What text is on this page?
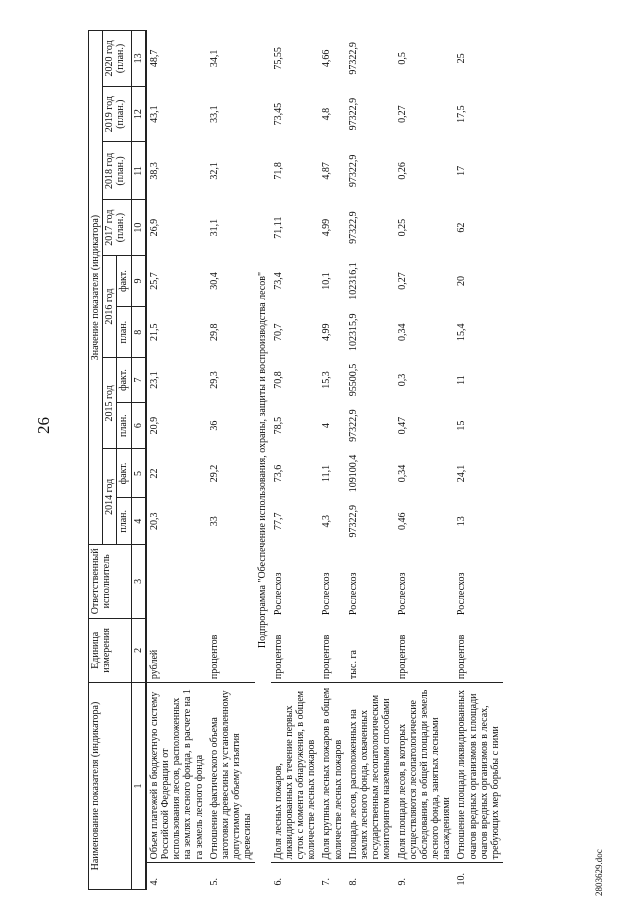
26
2803629.doc
Наименование показателя (индикатора)		Единица измерения	Ответственный исполнитель	Значение показателя (индикатора)									
				2014 год		2015 год		2016 год		2017 год (план.)	2018 год (план.)	2019 год (план.)	2020 год (план.)
				план.	факт.	план.	факт.	план.	факт.				
1		2	3	4	5	6	7	8	9	10	11	12	13
4.	Объем платежей в бюджетную систему Российской Федерации от использования лесов, расположенных на землях лесного фонда, в расчете на 1 га земель лесного фонда	рублей		20,3	22	20,9	23,1	21,5	25,7	26,9	38,3	43,1	48,7
5.	Отношение фактического объема заготовки древесины к установленному допустимому объему изъятия древесины	процентов		33	29,2	36	29,3	29,8	30,4	31,1	32,1	33,1	34,1
Подпрограмма "Обеспечение использования, охраны, защиты и воспроизводства лесов"													
6.	Доля лесных пожаров, ликвидированных в течение первых суток с момента обнаружения, в общем количестве лесных пожаров	процентов	Рослесхоз	77,7	73,6	78,5	70,8	70,7	73,4	71,11	71,8	73,45	75,55
7.	Доля крупных лесных пожаров в общем количестве лесных пожаров	процентов	Рослесхоз	4,3	11,1	4	15,3	4,99	10,1	4,99	4,87	4,8	4,66
8.	Площадь лесов, расположенных на землях лесного фонда, охваченных государственным лесопатологическим мониторингом наземными способами	тыс. га	Рослесхоз	97322,9	109100,4	97322,9	95500,5	102315,9	102316,1	97322,9	97322,9	97322,9	97322,9
9.	Доля площади лесов, в которых осуществляются лесопатологические обследования, в общей площади земель лесного фонда, занятых лесными насаждениями	процентов	Рослесхоз	0,46	0,34	0,47	0,3	0,34	0,27	0,25	0,26	0,27	0,5
10.	Отношение площади ликвидированных очагов вредных организмов к площади очагов вредных организмов в лесах, требующих мер борьбы с ними	процентов	Рослесхоз	13	24,1	15	11	15,4	20	62	17	17,5	25
